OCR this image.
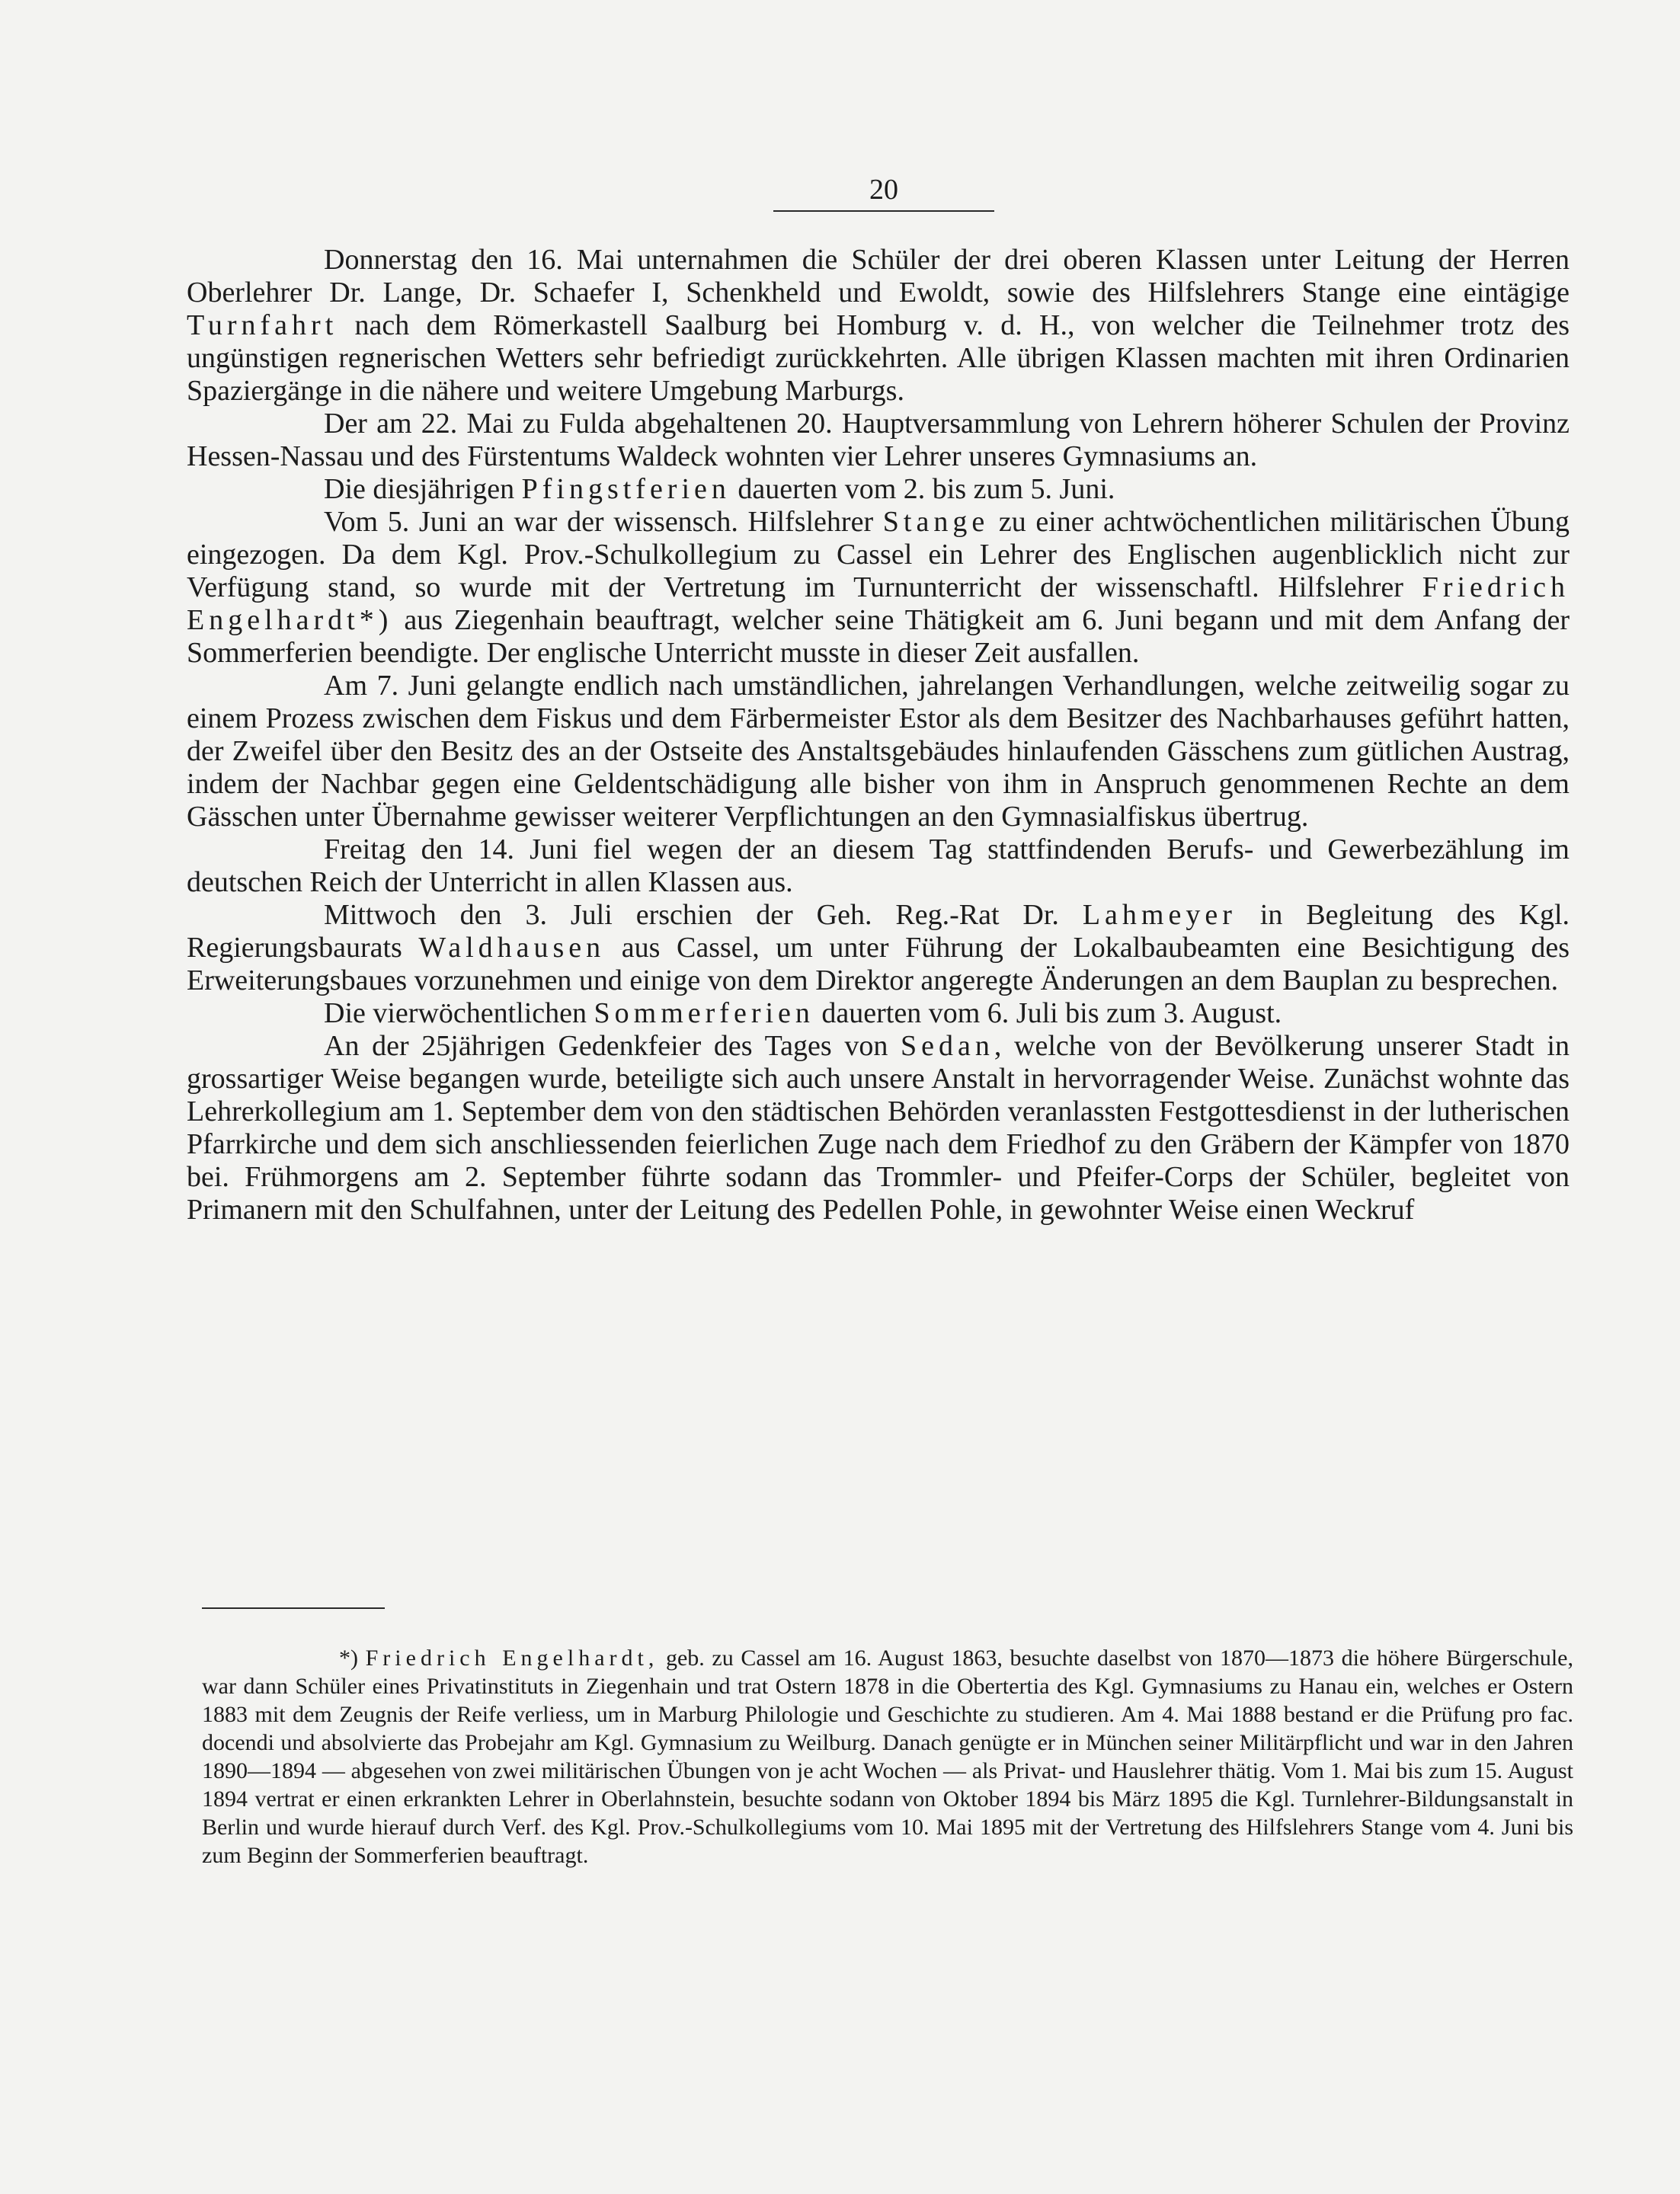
20

Donnerstag den 16. Mai unternahmen die Schüler der drei oberen Klassen unter Leitung der Herren Oberlehrer Dr. Lange, Dr. Schaefer I, Schenkheld und Ewoldt, sowie des Hilfslehrers Stange eine eintägige Turnfahrt nach dem Römerkastell Saalburg bei Homburg v. d. H., von welcher die Teilnehmer trotz des ungünstigen regnerischen Wetters sehr befriedigt zurückkehrten. Alle übrigen Klassen machten mit ihren Ordinarien Spaziergänge in die nähere und weitere Umgebung Marburgs.

Der am 22. Mai zu Fulda abgehaltenen 20. Hauptversammlung von Lehrern höherer Schulen der Provinz Hessen-Nassau und des Fürstentums Waldeck wohnten vier Lehrer unseres Gymnasiums an.

Die diesjährigen Pfingstferien dauerten vom 2. bis zum 5. Juni.

Vom 5. Juni an war der wissensch. Hilfslehrer Stange zu einer achtwöchentlichen militärischen Übung eingezogen. Da dem Kgl. Prov.-Schulkollegium zu Cassel ein Lehrer des Englischen augenblicklich nicht zur Verfügung stand, so wurde mit der Vertretung im Turnunterricht der wissenschaftl. Hilfslehrer Friedrich Engelhardt*) aus Ziegenhain beauftragt, welcher seine Thätigkeit am 6. Juni begann und mit dem Anfang der Sommerferien beendigte. Der englische Unterricht musste in dieser Zeit ausfallen.

Am 7. Juni gelangte endlich nach umständlichen, jahrelangen Verhandlungen, welche zeitweilig sogar zu einem Prozess zwischen dem Fiskus und dem Färbermeister Estor als dem Besitzer des Nachbarhauses geführt hatten, der Zweifel über den Besitz des an der Ostseite des Anstaltsgebäudes hinlaufenden Gässchens zum gütlichen Austrag, indem der Nachbar gegen eine Geldentschädigung alle bisher von ihm in Anspruch genommenen Rechte an dem Gässchen unter Übernahme gewisser weiterer Verpflichtungen an den Gymnasialfiskus übertrug.

Freitag den 14. Juni fiel wegen der an diesem Tag stattfindenden Berufs- und Gewerbezählung im deutschen Reich der Unterricht in allen Klassen aus.

Mittwoch den 3. Juli erschien der Geh. Reg.-Rat Dr. Lahmeyer in Begleitung des Kgl. Regierungsbaurats Waldhausen aus Cassel, um unter Führung der Lokalbaubeamten eine Besichtigung des Erweiterungsbaues vorzunehmen und einige von dem Direktor angeregte Änderungen an dem Bauplan zu besprechen.

Die vierwöchentlichen Sommerferien dauerten vom 6. Juli bis zum 3. August.

An der 25jährigen Gedenkfeier des Tages von Sedan, welche von der Bevölkerung unserer Stadt in grossartiger Weise begangen wurde, beteiligte sich auch unsere Anstalt in hervorragender Weise. Zunächst wohnte das Lehrerkollegium am 1. September dem von den städtischen Behörden veranlassten Festgottesdienst in der lutherischen Pfarrkirche und dem sich anschliessenden feierlichen Zuge nach dem Friedhof zu den Gräbern der Kämpfer von 1870 bei. Frühmorgens am 2. September führte sodann das Trommler- und Pfeifer-Corps der Schüler, begleitet von Primanern mit den Schulfahnen, unter der Leitung des Pedellen Pohle, in gewohnter Weise einen Weckruf

*) Friedrich Engelhardt, geb. zu Cassel am 16. August 1863, besuchte daselbst von 1870—1873 die höhere Bürgerschule, war dann Schüler eines Privatinstituts in Ziegenhain und trat Ostern 1878 in die Obertertia des Kgl. Gymnasiums zu Hanau ein, welches er Ostern 1883 mit dem Zeugnis der Reife verliess, um in Marburg Philologie und Geschichte zu studieren. Am 4. Mai 1888 bestand er die Prüfung pro fac. docendi und absolvierte das Probejahr am Kgl. Gymnasium zu Weilburg. Danach genügte er in München seiner Militärpflicht und war in den Jahren 1890—1894 — abgesehen von zwei militärischen Übungen von je acht Wochen — als Privat- und Hauslehrer thätig. Vom 1. Mai bis zum 15. August 1894 vertrat er einen erkrankten Lehrer in Oberlahnstein, besuchte sodann von Oktober 1894 bis März 1895 die Kgl. Turnlehrer-Bildungsanstalt in Berlin und wurde hierauf durch Verf. des Kgl. Prov.-Schulkollegiums vom 10. Mai 1895 mit der Vertretung des Hilfslehrers Stange vom 4. Juni bis zum Beginn der Sommerferien beauftragt.
